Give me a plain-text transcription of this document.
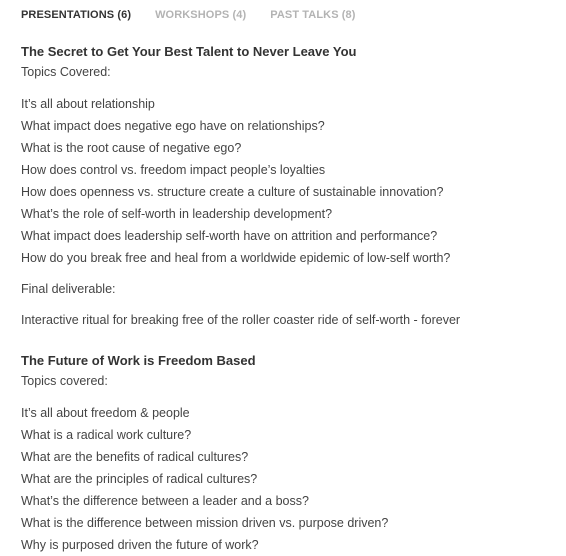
PRESENTATIONS (6) WORKSHOPS (4) PAST TALKS (8)
The Secret to Get Your Best Talent to Never Leave You
Topics Covered:
It’s all about relationship
What impact does negative ego have on relationships?
What is the root cause of negative ego?
How does control vs. freedom impact people’s loyalties
How does openness vs. structure create a culture of sustainable innovation?
What’s the role of self-worth in leadership development?
What impact does leadership self-worth have on attrition and performance?
How do you break free and heal from a worldwide epidemic of low-self worth?
Final deliverable:
Interactive ritual for breaking free of the roller coaster ride of self-worth - forever
The Future of Work is Freedom Based
Topics covered:
It’s all about freedom & people
What is a radical work culture?
What are the benefits of radical cultures?
What are the principles of radical cultures?
What’s the difference between a leader and a boss?
What is the difference between mission driven vs. purpose driven?
Why is purposed driven the future of work?
